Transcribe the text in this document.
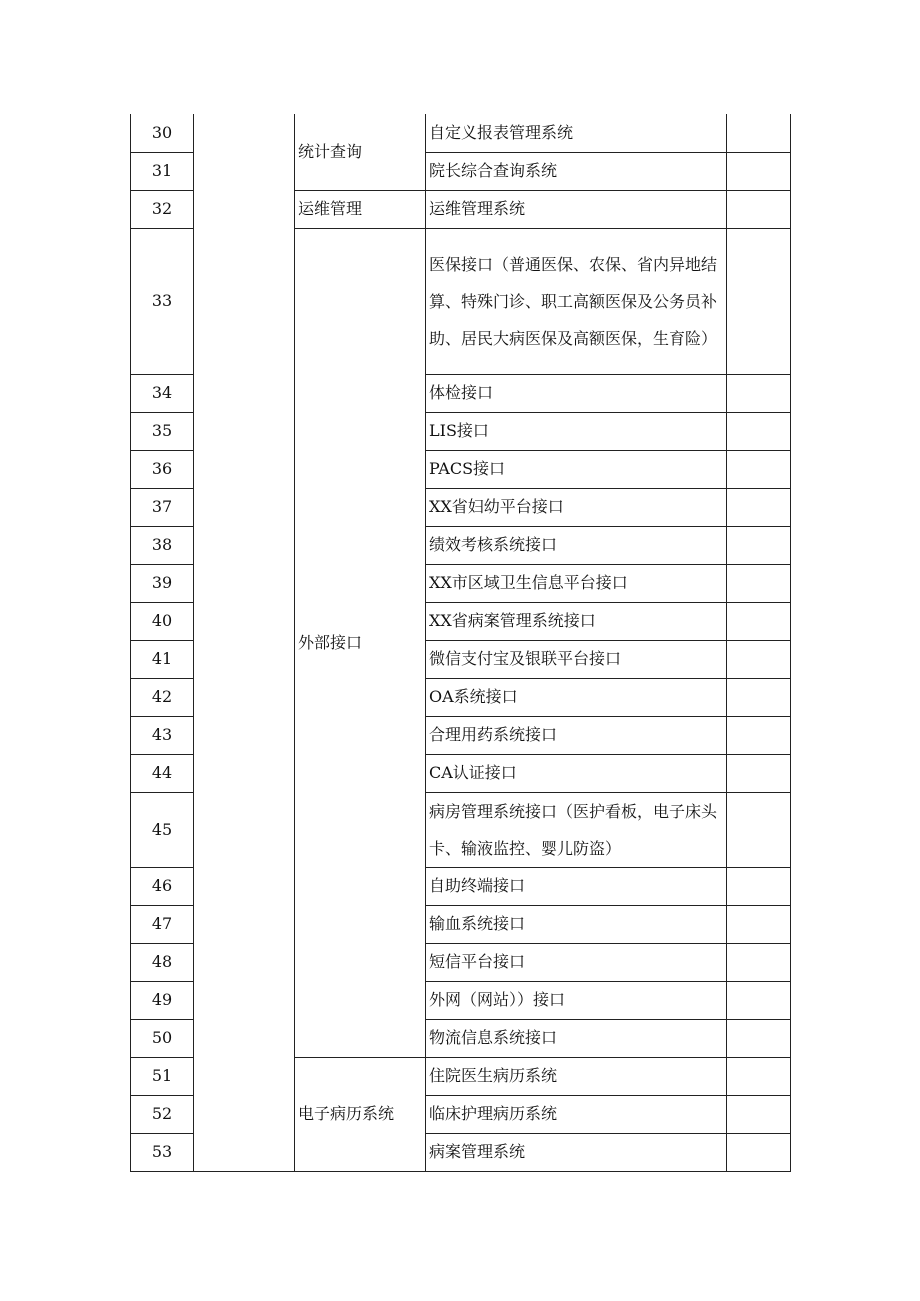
30		统计查询	自定义报表管理系统	
31			院长综合查询系统	
32		运维管理	运维管理系统	
33		外部接口	医保接口（普通医保、农保、省内异地结算、特殊门诊、职工高额医保及公务员补助、居民大病医保及高额医保，生育险）	
34			体检接口	
35			LIS接口	
36			PACS接口	
37			XX省妇幼平台接口	
38			绩效考核系统接口	
39			XX市区域卫生信息平台接口	
40			XX省病案管理系统接口	
41			微信支付宝及银联平台接口	
42			OA系统接口	
43			合理用药系统接口	
44			CA认证接口	
45			病房管理系统接口（医护看板，电子床头卡、输液监控、婴儿防盗）	
46			自助终端接口	
47			输血系统接口	
48			短信平台接口	
49			外网（网站））接口	
50			物流信息系统接口	
51		电子病历系统	住院医生病历系统	
52			临床护理病历系统	
53			病案管理系统	
